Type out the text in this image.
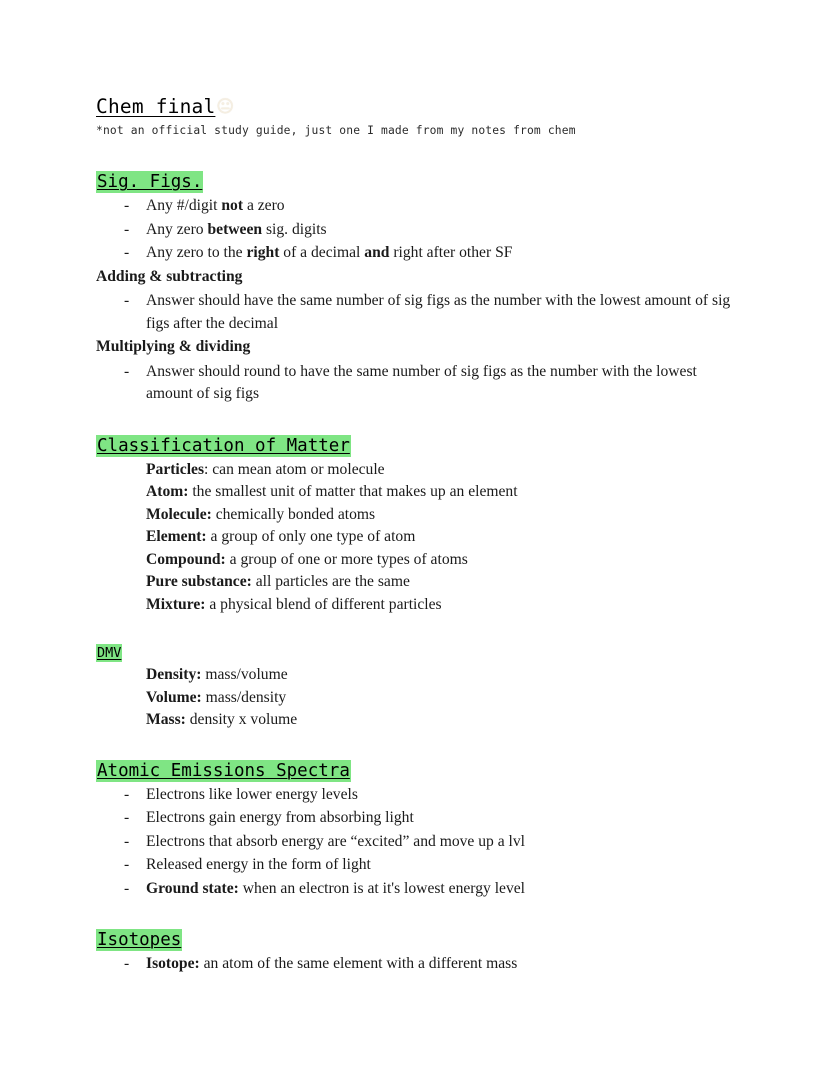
Chem final 😐
*not an official study guide, just one I made from my notes from chem
Sig. Figs.
- Any #/digit not a zero
- Any zero between sig. digits
- Any zero to the right of a decimal and right after other SF
Adding & subtracting
- Answer should have the same number of sig figs as the number with the lowest amount of sig figs after the decimal
Multiplying & dividing
- Answer should round to have the same number of sig figs as the number with the lowest amount of sig figs
Classification of Matter
Particles: can mean atom or molecule
Atom: the smallest unit of matter that makes up an element
Molecule: chemically bonded atoms
Element: a group of only one type of atom
Compound: a group of one or more types of atoms
Pure substance: all particles are the same
Mixture: a physical blend of different particles
DMV
Density: mass/volume
Volume: mass/density
Mass: density x volume
Atomic Emissions Spectra
- Electrons like lower energy levels
- Electrons gain energy from absorbing light
- Electrons that absorb energy are “excited” and move up a lvl
- Released energy in the form of light
- Ground state: when an electron is at it's lowest energy level
Isotopes
- Isotope: an atom of the same element with a different mass
